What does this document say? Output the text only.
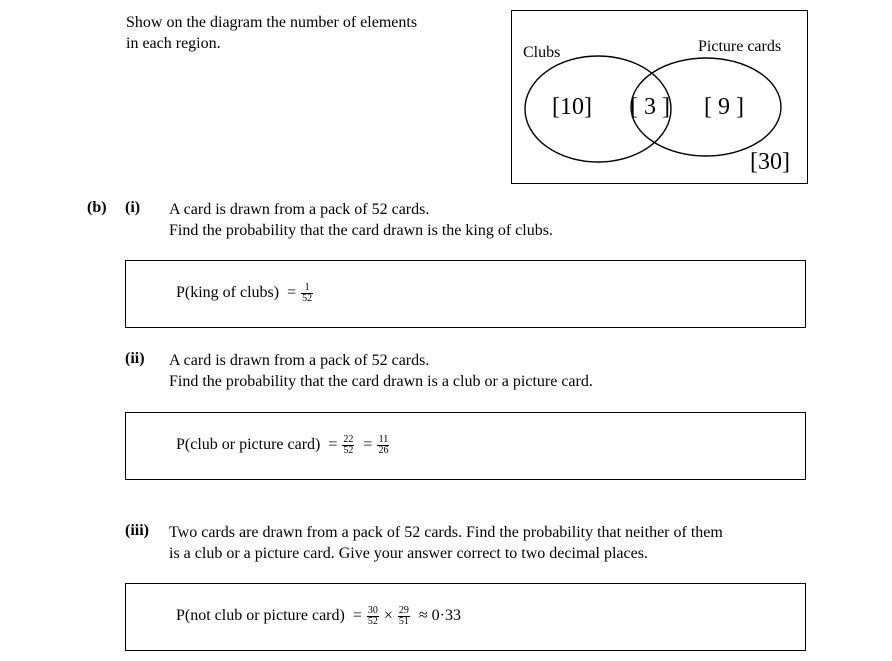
Show on the diagram the number of elements
in each region.
Clubs	Picture cards
[10] [ 3 ] [ 9 ]
[30]
(b) (i) A card is drawn from a pack of 52 cards.
Find the probability that the card drawn is the king of clubs.
P(king of clubs) = $\frac{1}{52}$
(ii) A card is drawn from a pack of 52 cards.
Find the probability that the card drawn is a club or a picture card.
P(club or picture card) = $\frac{22}{52} = \frac{11}{26}$
(iii) Two cards are drawn from a pack of 52 cards. Find the probability that neither of them
is a club or a picture card. Give your answer correct to two decimal places.
P(not club or picture card) = $\frac{30}{52} \times \frac{29}{51} \approx 0\cdot 33$
